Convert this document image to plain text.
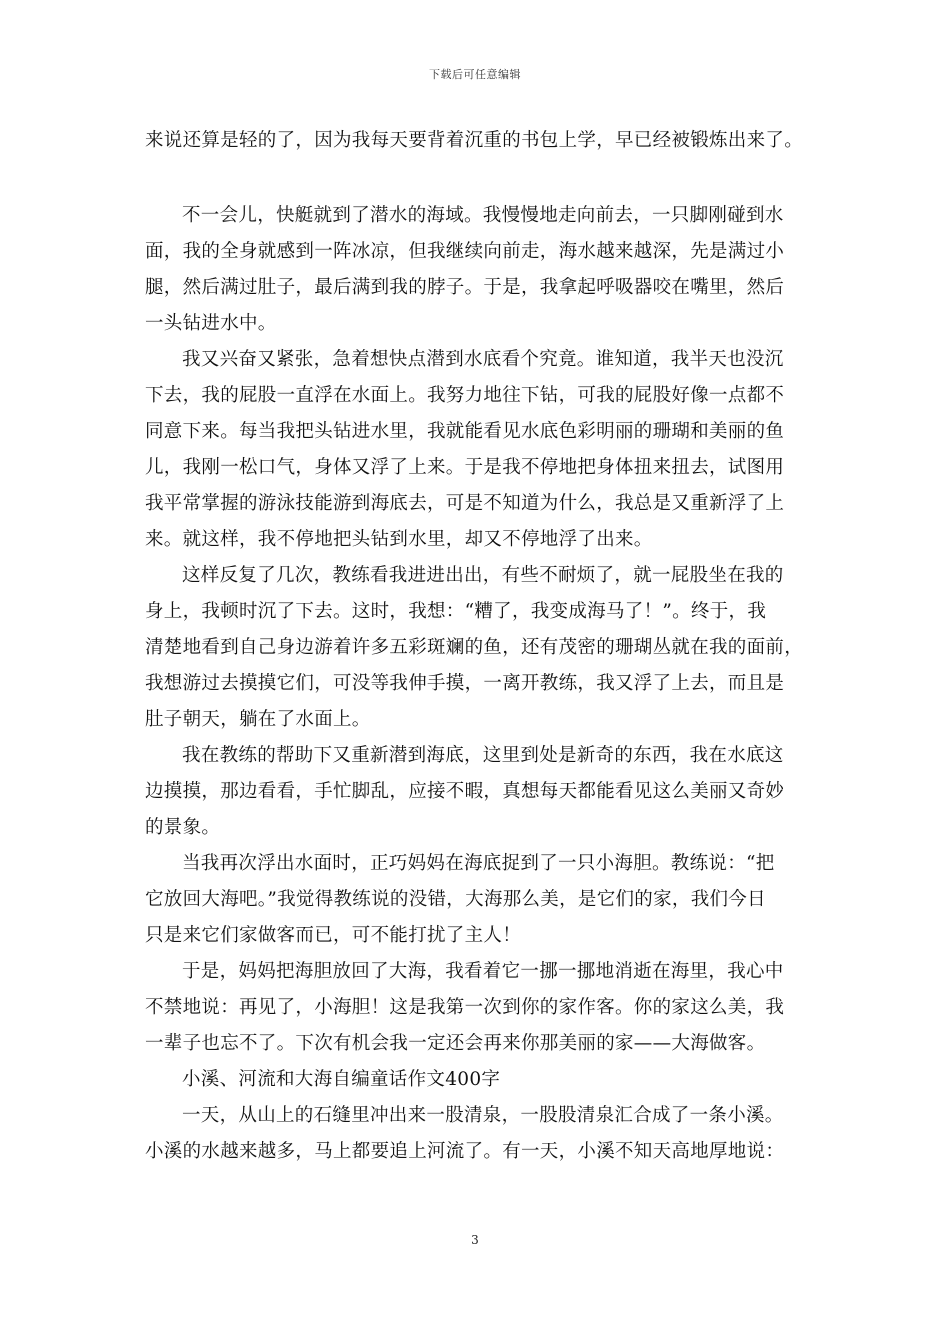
下载后可任意编辑
来说还算是轻的了，因为我每天要背着沉重的书包上学，早已经被锻炼出来了。
不一会儿，快艇就到了潜水的海域。我慢慢地走向前去，一只脚刚碰到水
面，我的全身就感到一阵冰凉，但我继续向前走，海水越来越深，先是满过小
腿，然后满过肚子，最后满到我的脖子。于是，我拿起呼吸器咬在嘴里，然后
一头钻进水中。
我又兴奋又紧张，急着想快点潜到水底看个究竟。谁知道，我半天也没沉
下去，我的屁股一直浮在水面上。我努力地往下钻，可我的屁股好像一点都不
同意下来。每当我把头钻进水里，我就能看见水底色彩明丽的珊瑚和美丽的鱼
儿，我刚一松口气，身体又浮了上来。于是我不停地把身体扭来扭去，试图用
我平常掌握的游泳技能游到海底去，可是不知道为什么，我总是又重新浮了上
来。就这样，我不停地把头钻到水里，却又不停地浮了出来。
这样反复了几次，教练看我进进出出，有些不耐烦了，就一屁股坐在我的
身上，我顿时沉了下去。这时，我想：“糟了，我变成海马了！”。终于，我
清楚地看到自己身边游着许多五彩斑斓的鱼，还有茂密的珊瑚丛就在我的面前，
我想游过去摸摸它们，可没等我伸手摸，一离开教练，我又浮了上去，而且是
肚子朝天，躺在了水面上。
我在教练的帮助下又重新潜到海底，这里到处是新奇的东西，我在水底这
边摸摸，那边看看，手忙脚乱，应接不暇，真想每天都能看见这么美丽又奇妙
的景象。
当我再次浮出水面时，正巧妈妈在海底捉到了一只小海胆。教练说：“把
它放回大海吧。”我觉得教练说的没错，大海那么美，是它们的家，我们今日
只是来它们家做客而已，可不能打扰了主人！
于是，妈妈把海胆放回了大海，我看着它一挪一挪地消逝在海里，我心中
不禁地说：再见了，小海胆！这是我第一次到你的家作客。你的家这么美，我
一辈子也忘不了。下次有机会我一定还会再来你那美丽的家——大海做客。
小溪、河流和大海自编童话作文400字
一天，从山上的石缝里冲出来一股清泉，一股股清泉汇合成了一条小溪。
小溪的水越来越多，马上都要追上河流了。有一天，小溪不知天高地厚地说：
3
